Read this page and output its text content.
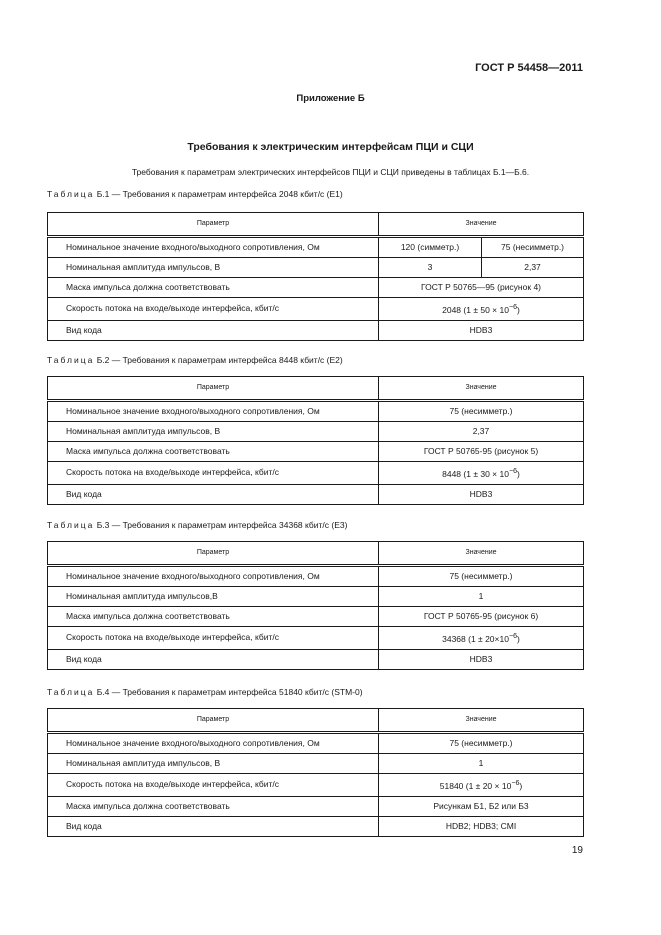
ГОСТ Р 54458—2011
Приложение Б
Требования к электрическим интерфейсам ПЦИ и СЦИ
Требования к параметрам электрических интерфейсов ПЦИ и СЦИ приведены в таблицах Б.1—Б.6.
Таблица Б.1 — Требования к параметрам интерфейса 2048 кбит/с (E1)
Параметр	Значение	
Номинальное значение входного/выходного сопротивления, Ом	120 (симметр.)	75 (несимметр.)
Номинальная амплитуда импульсов, В	3	2,37
Маска импульса должна соответствовать	ГОСТ Р 50765—95 (рисунок 4)	
Скорость потока на входе/выходе интерфейса, кбит/с	2048 $(1 \pm 50 \times 10^{-6})$	
Вид кода	HDB3	
Таблица Б.2 — Требования к параметрам интерфейса 8448 кбит/с (E2)
Параметр	Значение
Номинальное значение входного/выходного сопротивления, Ом	75 (несимметр.)
Номинальная амплитуда импульсов, В	2,37
Маска импульса должна соответствовать	ГОСТ Р 50765-95 (рисунок 5)
Скорость потока на входе/выходе интерфейса, кбит/с	8448 $(1 \pm 30 \times 10^{-6})$
Вид кода	HDB3
Таблица Б.3 — Требования к параметрам интерфейса 34368 кбит/с (E3)
Параметр	Значение
Номинальное значение входного/выходного сопротивления, Ом	75 (несимметр.)
Номинальная амплитуда импульсов,В	1
Маска импульса должна соответствовать	ГОСТ Р 50765-95 (рисунок 6)
Скорость потока на входе/выходе интерфейса, кбит/с	34368 $(1 \pm 20\times 10^{-6})$
Вид кода	HDB3
Таблица Б.4 — Требования к параметрам интерфейса 51840 кбит/с (STM-0)
Параметр	Значение
Номинальное значение входного/выходного сопротивления, Ом	75 (несимметр.)
Номинальная амплитуда импульсов, В	1
Скорость потока на входе/выходе интерфейса, кбит/с	51840 $(1 \pm 20 \times 10^{-6})$
Маска импульса должна соответствовать	Рисункам Б1, Б2 или Б3
Вид кода	HDB2; HDB3; CMI
19
